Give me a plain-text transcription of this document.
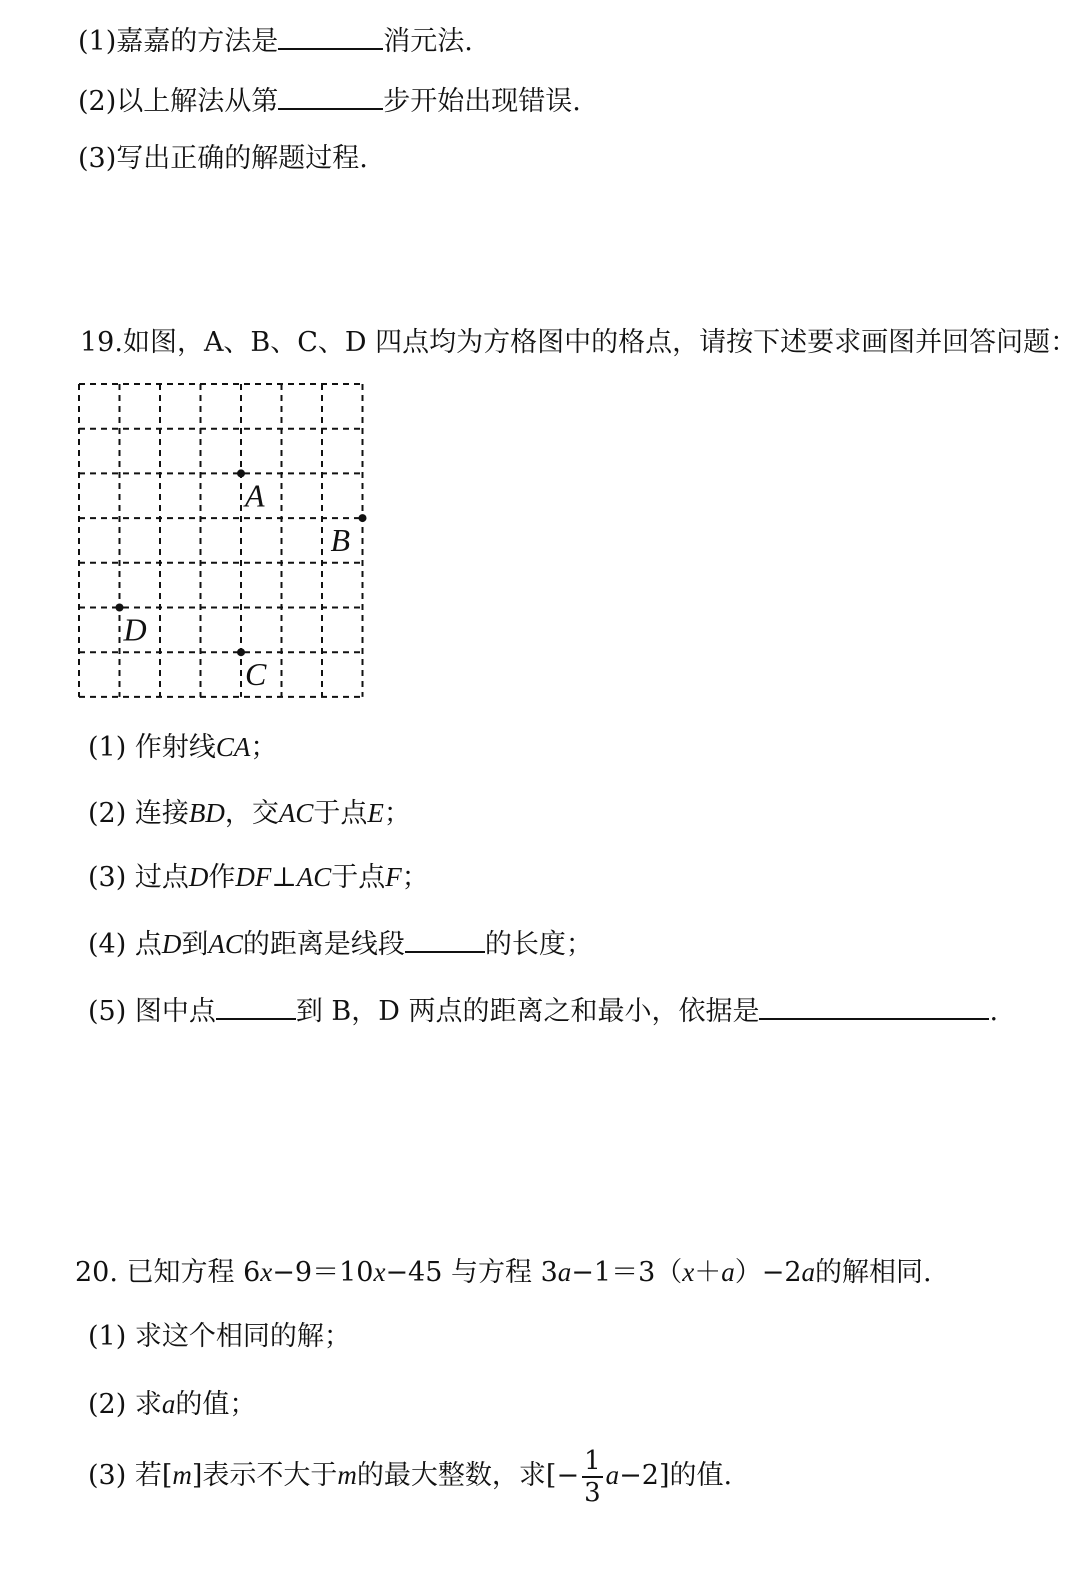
(1)嘉嘉的方法是	消元法.
(2)以上解法从第	步开始出现错误.
(3)写出正确的解题过程.
19.如图，A、B、C、D 四点均为方格图中的格点，请按下述要求画图并回答问题：
A
B
D
C
(1) 作射线CA；
(2) 连接BD，交AC于点E；
(3) 过点D作DF⊥AC于点F；
(4) 点D到AC的距离是线段	的长度；
(5) 图中点	到 B，D 两点的距离之和最小，依据是	.
20. 已知方程 6x−9＝10x−45 与方程 3a−1＝3（x＋a）−2a的解相同.
(1) 求这个相同的解；
(2) 求a的值；
(3) 若[m]表示不大于m的最大整数，求[− $\frac{1}{3} a-2$]的值.
